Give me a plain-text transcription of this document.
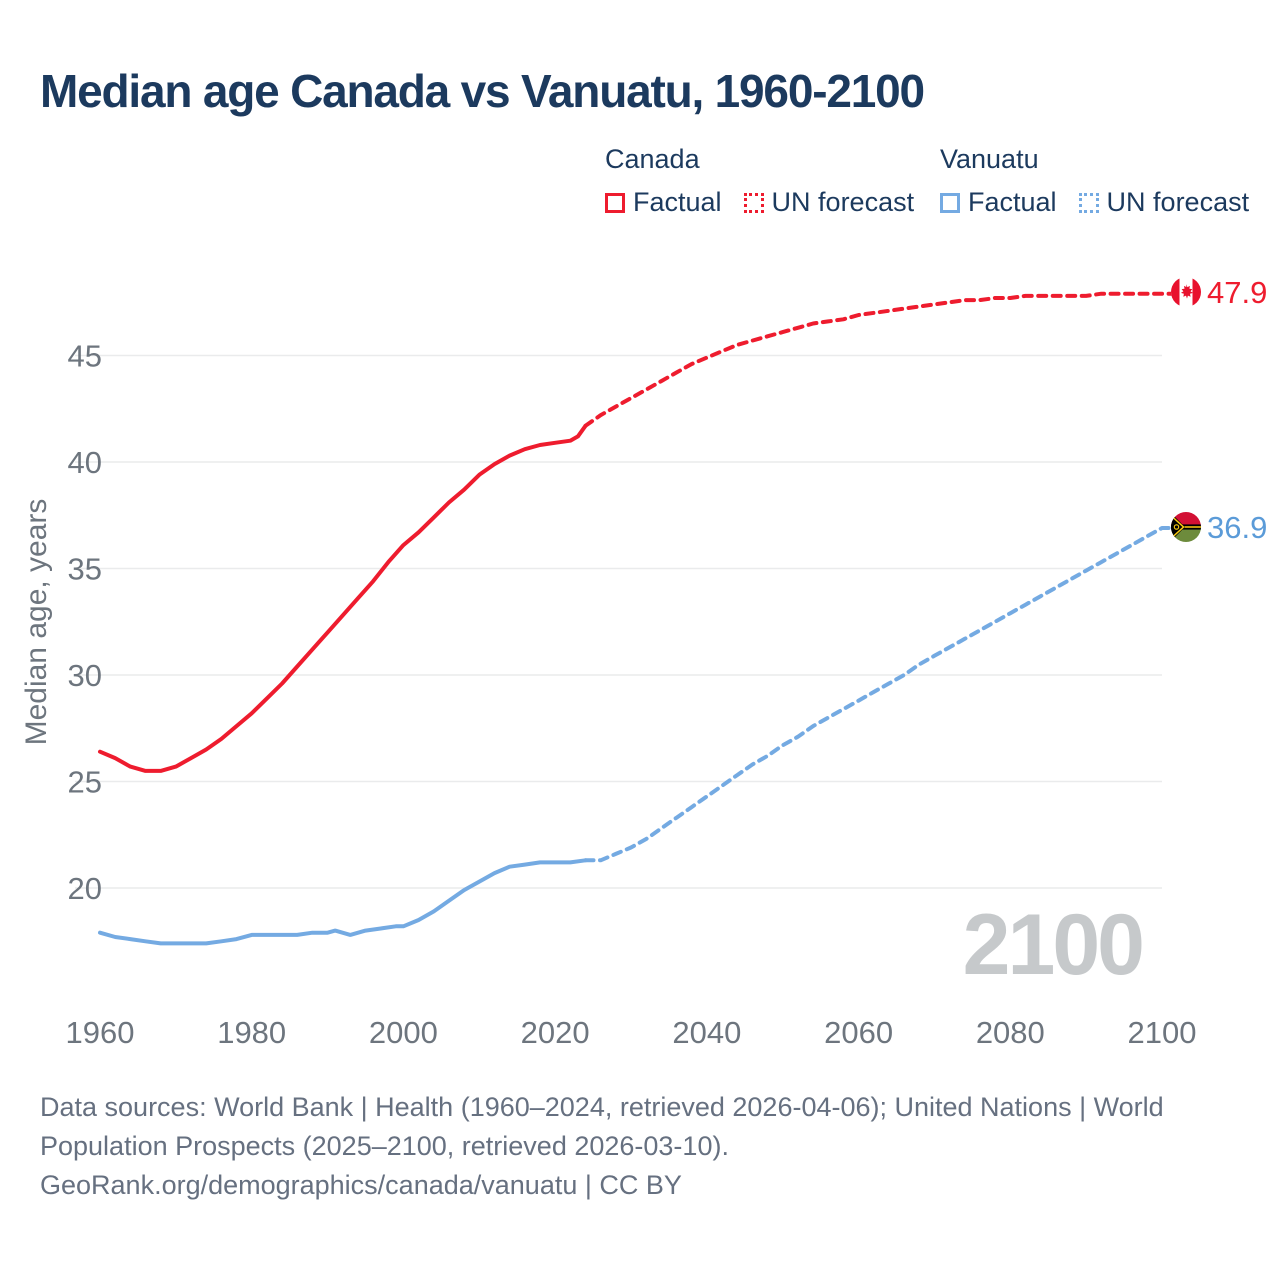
Median age Canada vs Vanuatu, 1960-2100
Canada
Factual UN forecast
Vanuatu
Factual UN forecast
20
25
30
35
40
45
1960	1980	2000	2020	2040	2060	2080	2100
2100
Median age, years
47.9
36.9
Data sources: World Bank | Health (1960–2024, retrieved 2026-04-06); United Nations | World
Population Prospects (2025–2100, retrieved 2026-03-10).
GeoRank.org/demographics/canada/vanuatu | CC BY
